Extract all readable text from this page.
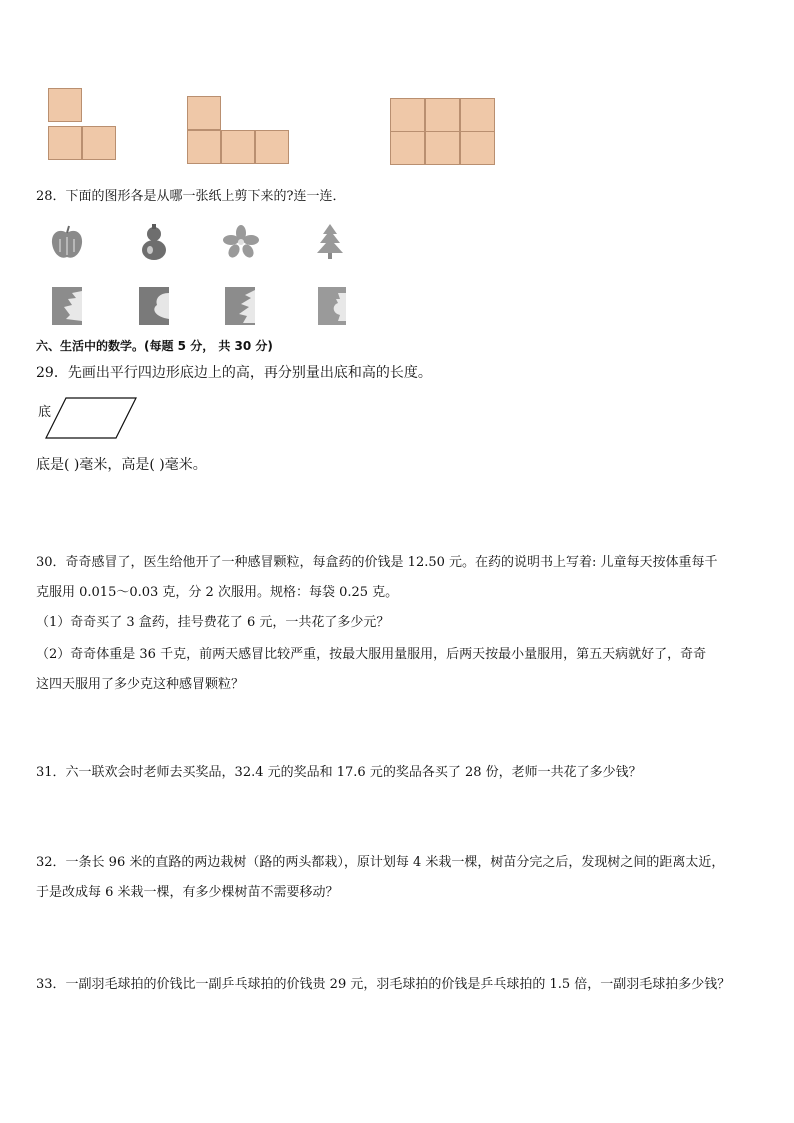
28．下面的图形各是从哪一张纸上剪下来的?连一连．
六、生活中的数学。(每题 5 分， 共 30 分)
29．先画出平行四边形底边上的高，再分别量出底和高的长度。
底
底是( )毫米，高是( )毫米。
30．奇奇感冒了，医生给他开了一种感冒颗粒，每盒药的价钱是 12.50 元。在药的说明书上写着: 儿童每天按体重每千
克服用 0.015～0.03 克，分 2 次服用。规格：每袋 0.25 克。
（1）奇奇买了 3 盒药，挂号费花了 6 元，一共花了多少元？
（2）奇奇体重是 36 千克，前两天感冒比较严重，按最大服用量服用，后两天按最小量服用，第五天病就好了，奇奇
这四天服用了多少克这种感冒颗粒？
31．六一联欢会时老师去买奖品，32.4 元的奖品和 17.6 元的奖品各买了 28 份，老师一共花了多少钱？
32．一条长 96 米的直路的两边栽树（路的两头都栽），原计划每 4 米栽一棵，树苗分完之后，发现树之间的距离太近，
于是改成每 6 米栽一棵，有多少棵树苗不需要移动？
33．一副羽毛球拍的价钱比一副乒乓球拍的价钱贵 29 元，羽毛球拍的价钱是乒乓球拍的 1.5 倍，一副羽毛球拍多少钱？
